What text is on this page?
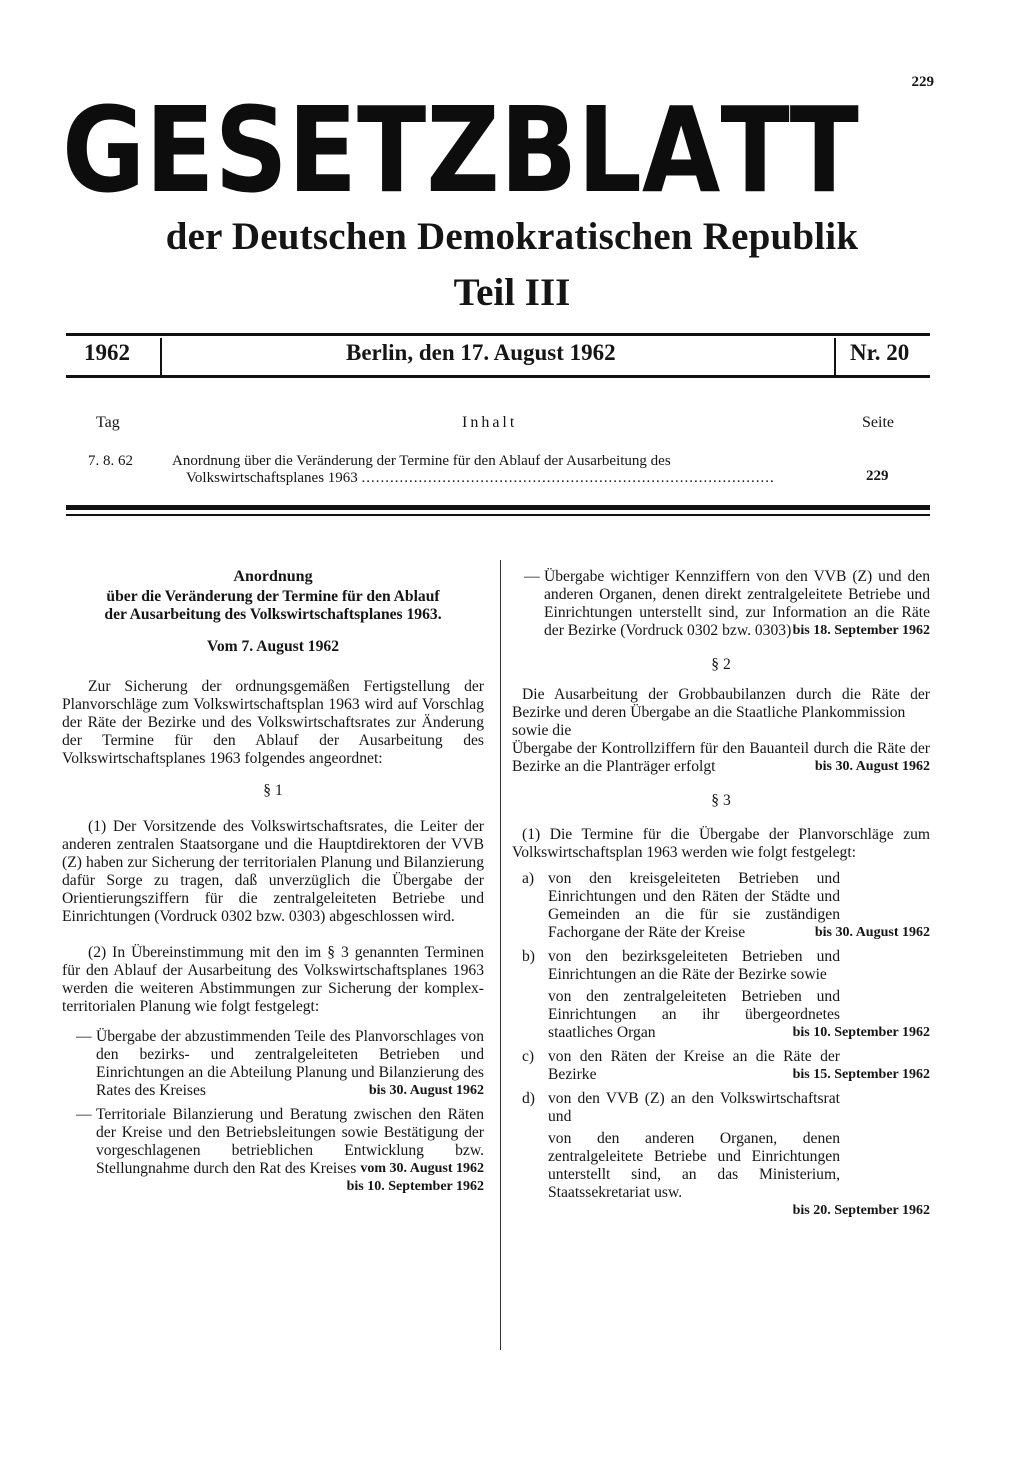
229
G E S E T Z B L A T T
der Deutschen Demokratischen Republik
Teil III
1962	Berlin, den 17. August 1962	Nr. 20
Tag	Inhalt	Seite
7. 8. 62	Anordnung über die Veränderung der Termine für den Ablauf der Ausarbeitung des
Volkswirtschaftsplanes 1963 .......................................................................................	229
Anordnung
über die Veränderung der Termine für den Ablauf
der Ausarbeitung des Volkswirtschaftsplanes 1963.
Vom 7. August 1962

Zur Sicherung der ordnungsgemäßen Fertigstellung der Planvorschläge zum Volkswirtschaftsplan 1963 wird auf Vorschlag der Räte der Bezirke und des Volkswirtschaftsrates zur Änderung der Termine für den Ablauf der Ausarbeitung des Volkswirtschaftsplanes 1963 folgendes angeordnet:

§ 1

(1) Der Vorsitzende des Volkswirtschaftsrates, die Leiter der anderen zentralen Staatsorgane und die Hauptdirektoren der VVB (Z) haben zur Sicherung der territorialen Planung und Bilanzierung dafür Sorge zu tragen, daß unverzüglich die Übergabe der Orientierungsziffern für die zentralgeleiteten Betriebe und Einrichtungen (Vordruck 0302 bzw. 0303) abgeschlossen wird.

(2) In Übereinstimmung mit den im § 3 genannten Terminen für den Ablauf der Ausarbeitung des Volkswirtschaftsplanes 1963 werden die weiteren Abstimmungen zur Sicherung der komplex-territorialen Planung wie folgt festgelegt:

— Übergabe der abzustimmenden Teile des Planvorschlages von den bezirks- und zentralgeleiteten Betrieben und Einrichtungen an die Abteilung Planung und Bilanzierung des Rates des Kreises	bis 30. August 1962
— Territoriale Bilanzierung und Beratung zwischen den Räten der Kreise und den Betriebsleitungen sowie Bestätigung der vorgeschlagenen betrieblichen Entwicklung bzw. Stellungnahme durch den Rat des Kreises vom 30. August 1962
bis 10. September 1962
— Übergabe wichtiger Kennziffern von den VVB (Z) und den anderen Organen, denen direkt zentralgeleitete Betriebe und Einrichtungen unterstellt sind, zur Information an die Räte der Bezirke (Vordruck 0302 bzw. 0303) bis 18. September 1962
§ 2

Die Ausarbeitung der Grobbaubilanzen durch die Räte der Bezirke und deren Übergabe an die Staatliche Plankommission

sowie die

Übergabe der Kontrollziffern für den Bauanteil durch die Räte der Bezirke an die Planträger erfolgt	bis 30. August 1962
§ 3

(1) Die Termine für die Übergabe der Planvorschläge zum Volkswirtschaftsplan 1963 werden wie folgt festgelegt:

a) von den kreisgeleiteten Betrieben und Einrichtungen und den Räten der Städte und Gemeinden an die für sie zuständigen Fachorgane der Räte der Kreise	bis 30. August 1962
b) von den bezirksgeleiteten Betrieben und Einrichtungen an die Räte der Bezirke sowie
von den zentralgeleiteten Betrieben und Einrichtungen an ihr übergeordnetes staatliches Organ	bis 10. September 1962
c) von den Räten der Kreise an die Räte der Bezirke	bis 15. September 1962
d) von den VVB (Z) an den Volkswirtschaftsrat und
von den anderen Organen, denen zentralgeleitete Betriebe und Einrichtungen unterstellt sind, an das Ministerium, Staatssekretariat usw.
bis 20. September 1962
